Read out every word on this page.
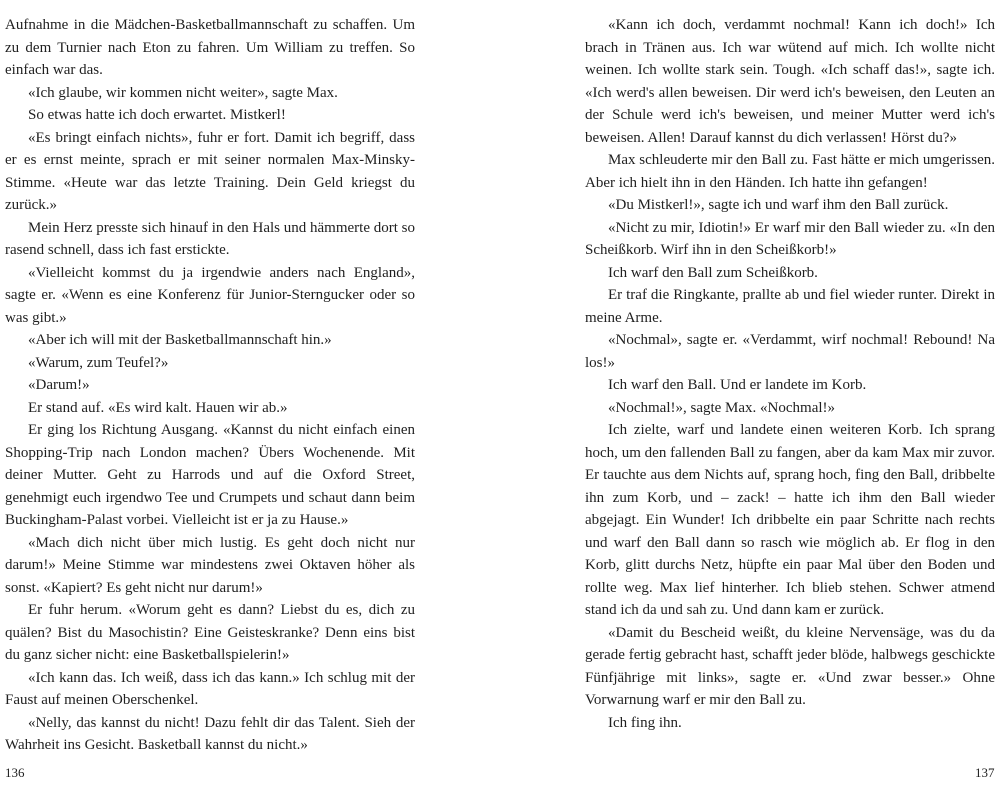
Aufnahme in die Mädchen-Basketballmannschaft zu schaffen. Um zu dem Turnier nach Eton zu fahren. Um William zu treffen. So einfach war das.

«Ich glaube, wir kommen nicht weiter», sagte Max.

So etwas hatte ich doch erwartet. Mistkerl!

«Es bringt einfach nichts», fuhr er fort. Damit ich begriff, dass er es ernst meinte, sprach er mit seiner normalen Max-Minsky-Stimme. «Heute war das letzte Training. Dein Geld kriegst du zurück.»

Mein Herz presste sich hinauf in den Hals und hämmerte dort so rasend schnell, dass ich fast erstickte.

«Vielleicht kommst du ja irgendwie anders nach England», sagte er. «Wenn es eine Konferenz für Junior-Sterngucker oder so was gibt.»

«Aber ich will mit der Basketballmannschaft hin.»

«Warum, zum Teufel?»

«Darum!»

Er stand auf. «Es wird kalt. Hauen wir ab.»

Er ging los Richtung Ausgang. «Kannst du nicht einfach einen Shopping-Trip nach London machen? Übers Wochenende. Mit deiner Mutter. Geht zu Harrods und auf die Oxford Street, genehmigt euch irgendwo Tee und Crumpets und schaut dann beim Buckingham-Palast vorbei. Vielleicht ist er ja zu Hause.»

«Mach dich nicht über mich lustig. Es geht doch nicht nur darum!» Meine Stimme war mindestens zwei Oktaven höher als sonst. «Kapiert? Es geht nicht nur darum!»

Er fuhr herum. «Worum geht es dann? Liebst du es, dich zu quälen? Bist du Masochistin? Eine Geisteskranke? Denn eins bist du ganz sicher nicht: eine Basketballspielerin!»

«Ich kann das. Ich weiß, dass ich das kann.» Ich schlug mit der Faust auf meinen Oberschenkel.

«Nelly, das kannst du nicht! Dazu fehlt dir das Talent. Sieh der Wahrheit ins Gesicht. Basketball kannst du nicht.»

«Kann ich doch, verdammt nochmal! Kann ich doch!» Ich brach in Tränen aus. Ich war wütend auf mich. Ich wollte nicht weinen. Ich wollte stark sein. Tough. «Ich schaff das!», sagte ich. «Ich werd's allen beweisen. Dir werd ich's beweisen, den Leuten an der Schule werd ich's beweisen, und meiner Mutter werd ich's beweisen. Allen! Darauf kannst du dich verlassen! Hörst du?»

Max schleuderte mir den Ball zu. Fast hätte er mich umgerissen. Aber ich hielt ihn in den Händen. Ich hatte ihn gefangen!

«Du Mistkerl!», sagte ich und warf ihm den Ball zurück.

«Nicht zu mir, Idiotin!» Er warf mir den Ball wieder zu. «In den Scheißkorb. Wirf ihn in den Scheißkorb!»

Ich warf den Ball zum Scheißkorb.

Er traf die Ringkante, prallte ab und fiel wieder runter. Direkt in meine Arme.

«Nochmal», sagte er. «Verdammt, wirf nochmal! Rebound! Na los!»

Ich warf den Ball. Und er landete im Korb.

«Nochmal!», sagte Max. «Nochmal!»

Ich zielte, warf und landete einen weiteren Korb. Ich sprang hoch, um den fallenden Ball zu fangen, aber da kam Max mir zuvor. Er tauchte aus dem Nichts auf, sprang hoch, fing den Ball, dribbelte ihn zum Korb, und – zack! – hatte ich ihm den Ball wieder abgejagt. Ein Wunder! Ich dribbelte ein paar Schritte nach rechts und warf den Ball dann so rasch wie möglich ab. Er flog in den Korb, glitt durchs Netz, hüpfte ein paar Mal über den Boden und rollte weg. Max lief hinterher. Ich blieb stehen. Schwer atmend stand ich da und sah zu. Und dann kam er zurück.

«Damit du Bescheid weißt, du kleine Nervensäge, was du da gerade fertig gebracht hast, schafft jeder blöde, halbwegs geschickte Fünfjährige mit links», sagte er. «Und zwar besser.» Ohne Vorwarnung warf er mir den Ball zu.

Ich fing ihn.

136	137
